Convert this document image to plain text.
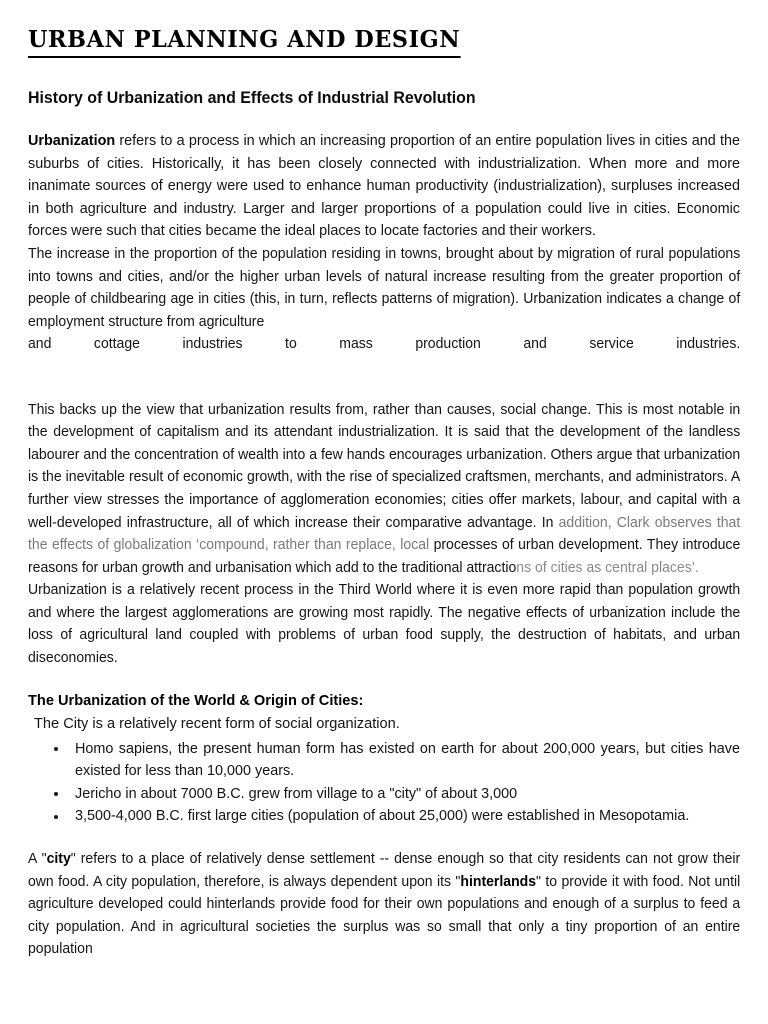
URBAN PLANNING AND DESIGN
History of Urbanization and Effects of Industrial Revolution

Urbanization refers to a process in which an increasing proportion of an entire population lives in cities and the suburbs of cities. Historically, it has been closely connected with industrialization. When more and more inanimate sources of energy were used to enhance human productivity (industrialization), surpluses increased in both agriculture and industry. Larger and larger proportions of a population could live in cities. Economic forces were such that cities became the ideal places to locate factories and their workers.

The increase in the proportion of the population residing in towns, brought about by migration of rural populations into towns and cities, and/or the higher urban levels of natural increase resulting from the greater proportion of people of childbearing age in cities (this, in turn, reflects patterns of migration). Urbanization indicates a change of employment structure from agriculture
and cottage industries to mass production and service industries.

This backs up the view that urbanization results from, rather than causes, social change. This is most notable in the development of capitalism and its attendant industrialization. It is said that the development of the landless labourer and the concentration of wealth into a few hands encourages urbanization. Others argue that urbanization is the inevitable result of economic growth, with the rise of specialized craftsmen, merchants, and administrators. A further view stresses the importance of agglomeration economies; cities offer markets, labour, and capital with a well-developed infrastructure, all of which increase their comparative advantage. In addition, Clark observes that the effects of globalization ‘compound, rather than replace, local processes of urban development. They introduce reasons for urban growth and urbanisation which add to the traditional attractions of cities as central places’.

Urbanization is a relatively recent process in the Third World where it is even more rapid than population growth and where the largest agglomerations are growing most rapidly. The negative effects of urbanization include the loss of agricultural land coupled with problems of urban food supply, the destruction of habitats, and urban diseconomies.

The Urbanization of the World & Origin of Cities:

The City is a relatively recent form of social organization.

Homo sapiens, the present human form has existed on earth for about 200,000 years, but cities have existed for less than 10,000 years.
Jericho in about 7000 B.C. grew from village to a "city" of about 3,000
3,500-4,000 B.C. first large cities (population of about 25,000) were established in Mesopotamia.

A "city" refers to a place of relatively dense settlement -- dense enough so that city residents can not grow their own food. A city population, therefore, is always dependent upon its "hinterlands" to provide it with food. Not until agriculture developed could hinterlands provide food for their own populations and enough of a surplus to feed a city population. And in agricultural societies the surplus was so small that only a tiny proportion of an entire population
